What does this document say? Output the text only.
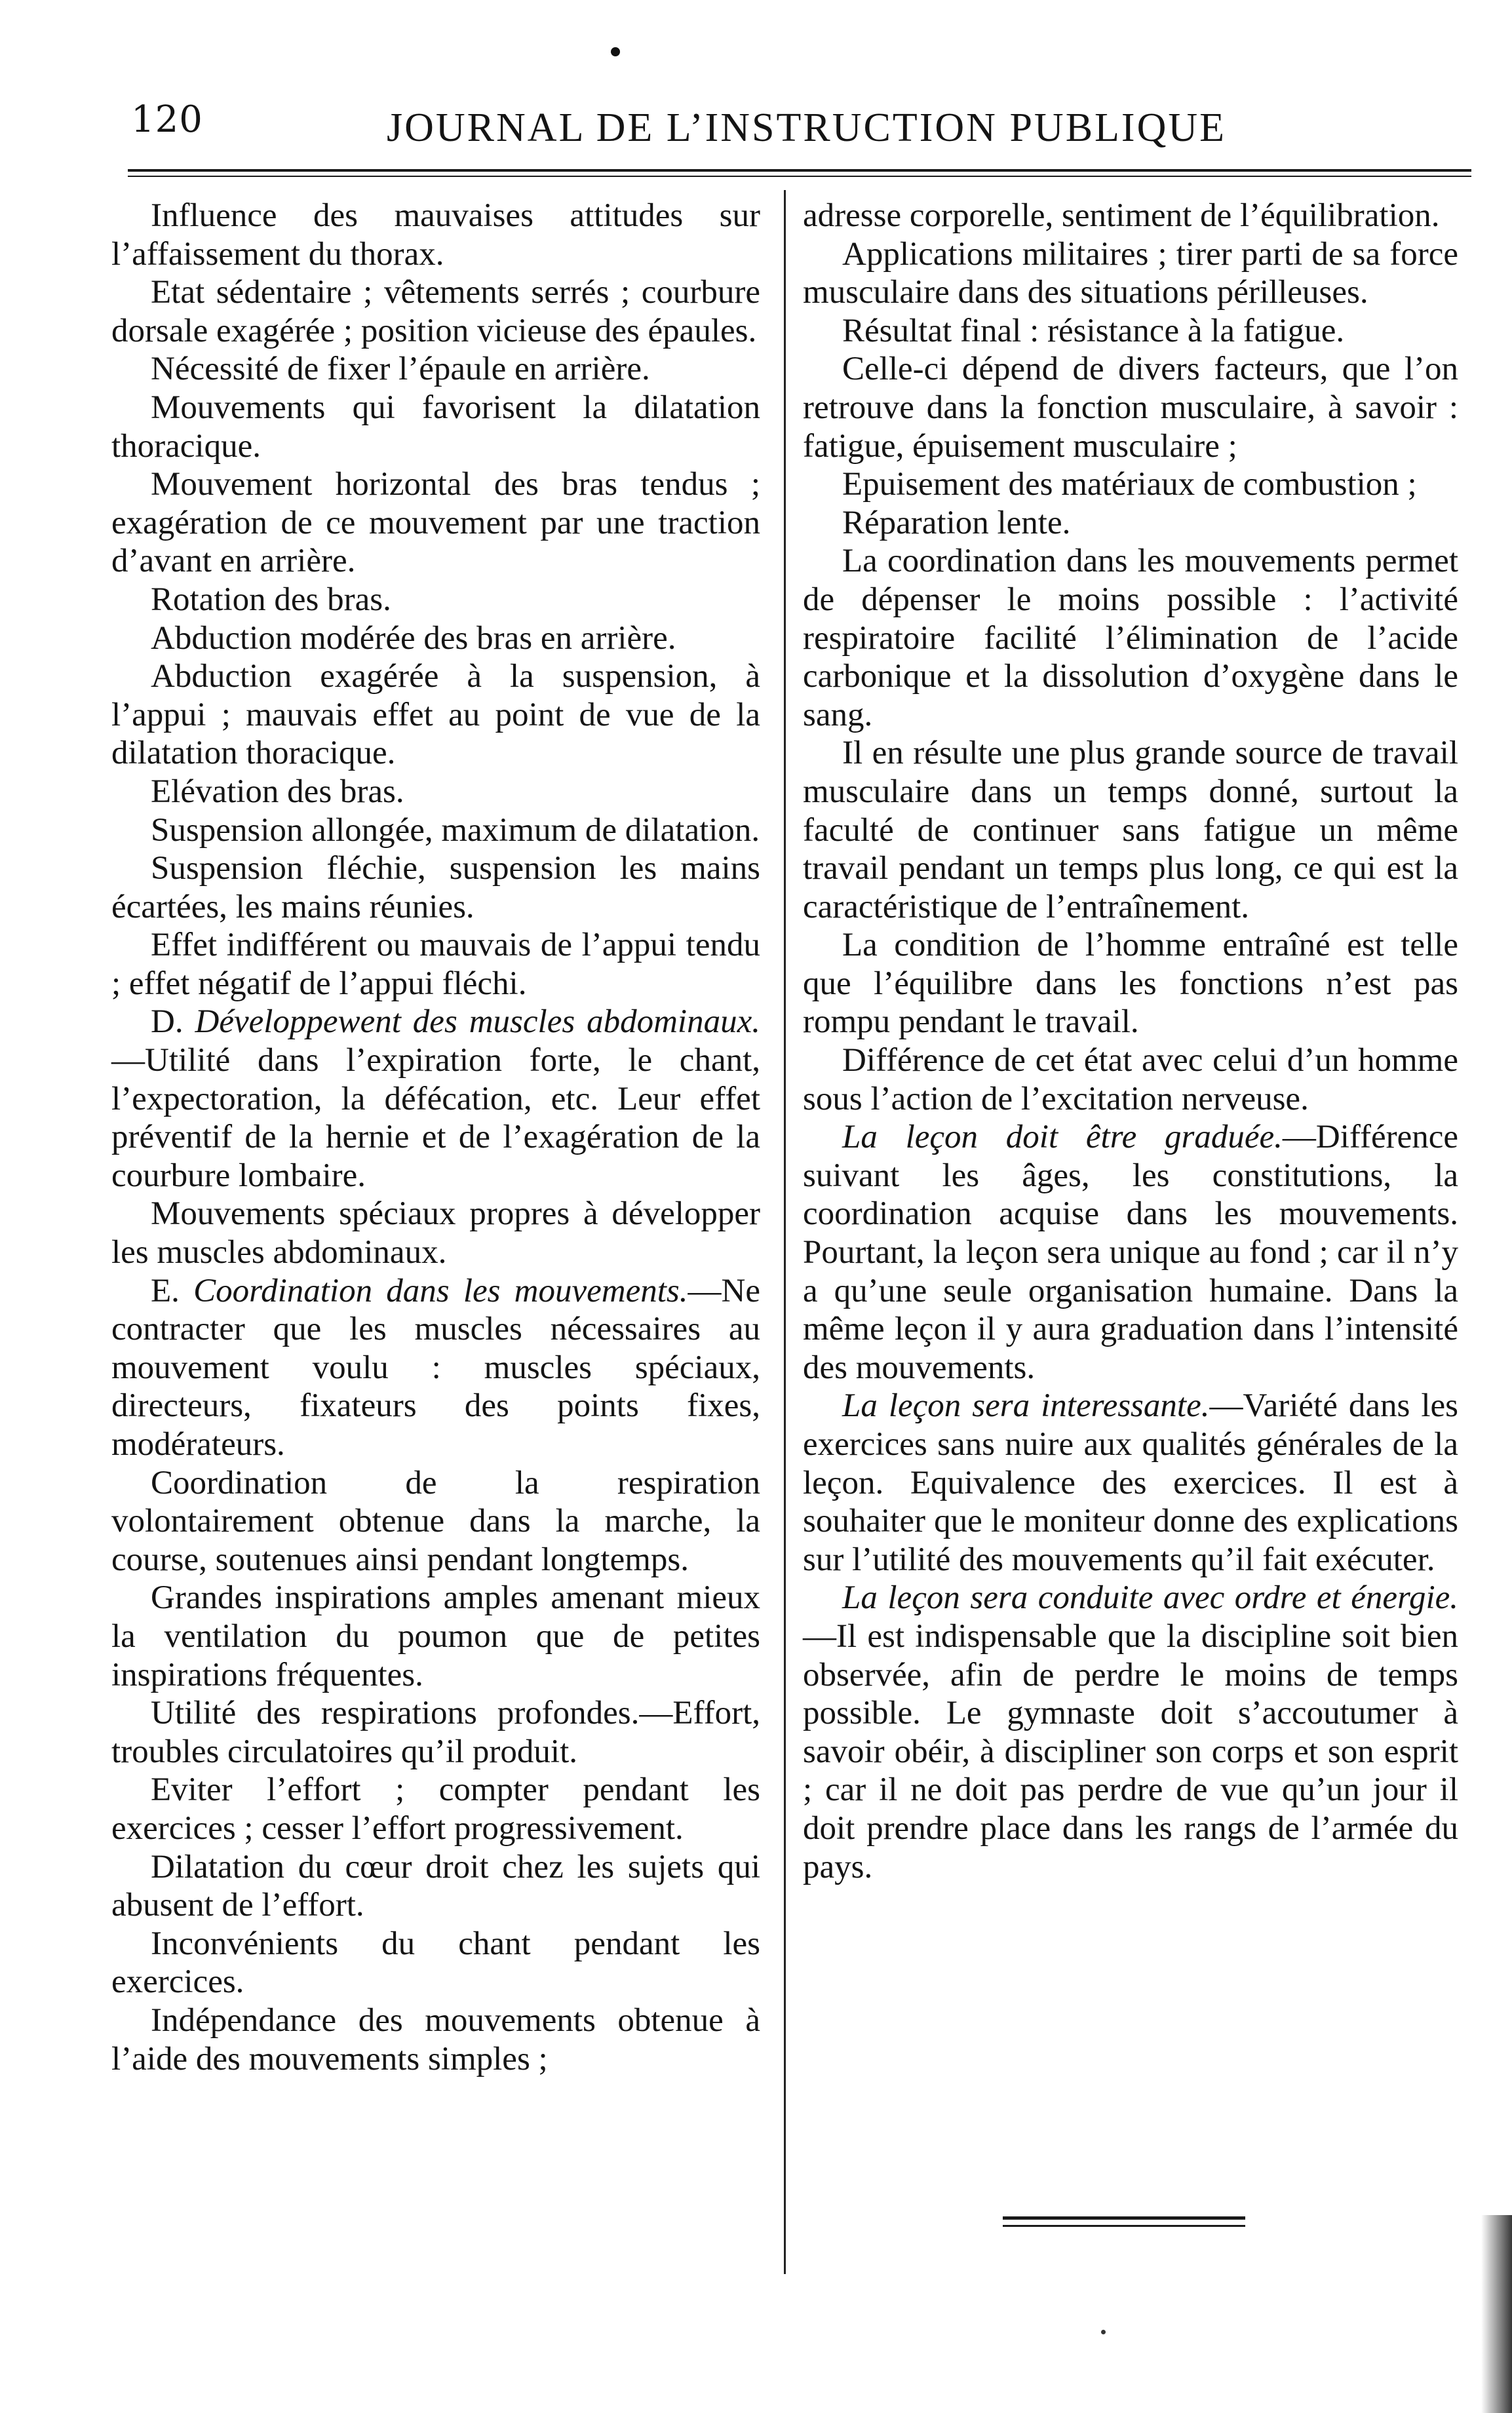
120	JOURNAL DE L’INSTRUCTION PUBLIQUE

Influence des mauvaises attitudes sur l’affaissement du thorax.

Etat sédentaire ; vêtements serrés ; courbure dorsale exagérée ; position vicieuse des épaules.

Nécessité de fixer l’épaule en arrière.

Mouvements qui favorisent la dilatation thoracique.

Mouvement horizontal des bras tendus ; exagération de ce mouvement par une traction d’avant en arrière.

Rotation des bras.

Abduction modérée des bras en arrière.

Abduction exagérée à la suspension, à l’appui ; mauvais effet au point de vue de la dilatation thoracique.

Elévation des bras.

Suspension allongée, maximum de dilatation.

Suspension fléchie, suspension les mains écartées, les mains réunies.

Effet indifférent ou mauvais de l’appui tendu ; effet négatif de l’appui fléchi.

D. Développewent des muscles abdominaux.—Utilité dans l’expiration forte, le chant, l’expectoration, la défécation, etc. Leur effet préventif de la hernie et de l’exagération de la courbure lombaire.

Mouvements spéciaux propres à développer les muscles abdominaux.

E. Coordination dans les mouvements.—Ne contracter que les muscles nécessaires au mouvement voulu : muscles spéciaux, directeurs, fixateurs des points fixes, modérateurs.

Coordination de la respiration volontairement obtenue dans la marche, la course, soutenues ainsi pendant longtemps.

Grandes inspirations amples amenant mieux la ventilation du poumon que de petites inspirations fréquentes.

Utilité des respirations profondes.—Effort, troubles circulatoires qu’il produit.

Eviter l’effort ; compter pendant les exercices ; cesser l’effort progressivement.

Dilatation du cœur droit chez les sujets qui abusent de l’effort.

Inconvénients du chant pendant les exercices.

Indépendance des mouvements obtenue à l’aide des mouvements simples ;

adresse corporelle, sentiment de l’équilibration.

Applications militaires ; tirer parti de sa force musculaire dans des situations périlleuses.

Résultat final : résistance à la fatigue.

Celle-ci dépend de divers facteurs, que l’on retrouve dans la fonction musculaire, à savoir : fatigue, épuisement musculaire ;

Epuisement des matériaux de combustion ;

Réparation lente.

La coordination dans les mouvements permet de dépenser le moins possible : l’activité respiratoire facilité l’élimination de l’acide carbonique et la dissolution d’oxygène dans le sang.

Il en résulte une plus grande source de travail musculaire dans un temps donné, surtout la faculté de continuer sans fatigue un même travail pendant un temps plus long, ce qui est la caractéristique de l’entraînement.

La condition de l’homme entraîné est telle que l’équilibre dans les fonctions n’est pas rompu pendant le travail.

Différence de cet état avec celui d’un homme sous l’action de l’excitation nerveuse.

La leçon doit être graduée.—Différence suivant les âges, les constitutions, la coordination acquise dans les mouvements. Pourtant, la leçon sera unique au fond ; car il n’y a qu’une seule organisation humaine. Dans la même leçon il y aura graduation dans l’intensité des mouvements.

La leçon sera interessante.—Variété dans les exercices sans nuire aux qualités générales de la leçon. Equivalence des exercices. Il est à souhaiter que le moniteur donne des explications sur l’utilité des mouvements qu’il fait exécuter.

La leçon sera conduite avec ordre et énergie.—Il est indispensable que la discipline soit bien observée, afin de perdre le moins de temps possible. Le gymnaste doit s’accoutumer à savoir obéir, à discipliner son corps et son esprit ; car il ne doit pas perdre de vue qu’un jour il doit prendre place dans les rangs de l’armée du pays.
